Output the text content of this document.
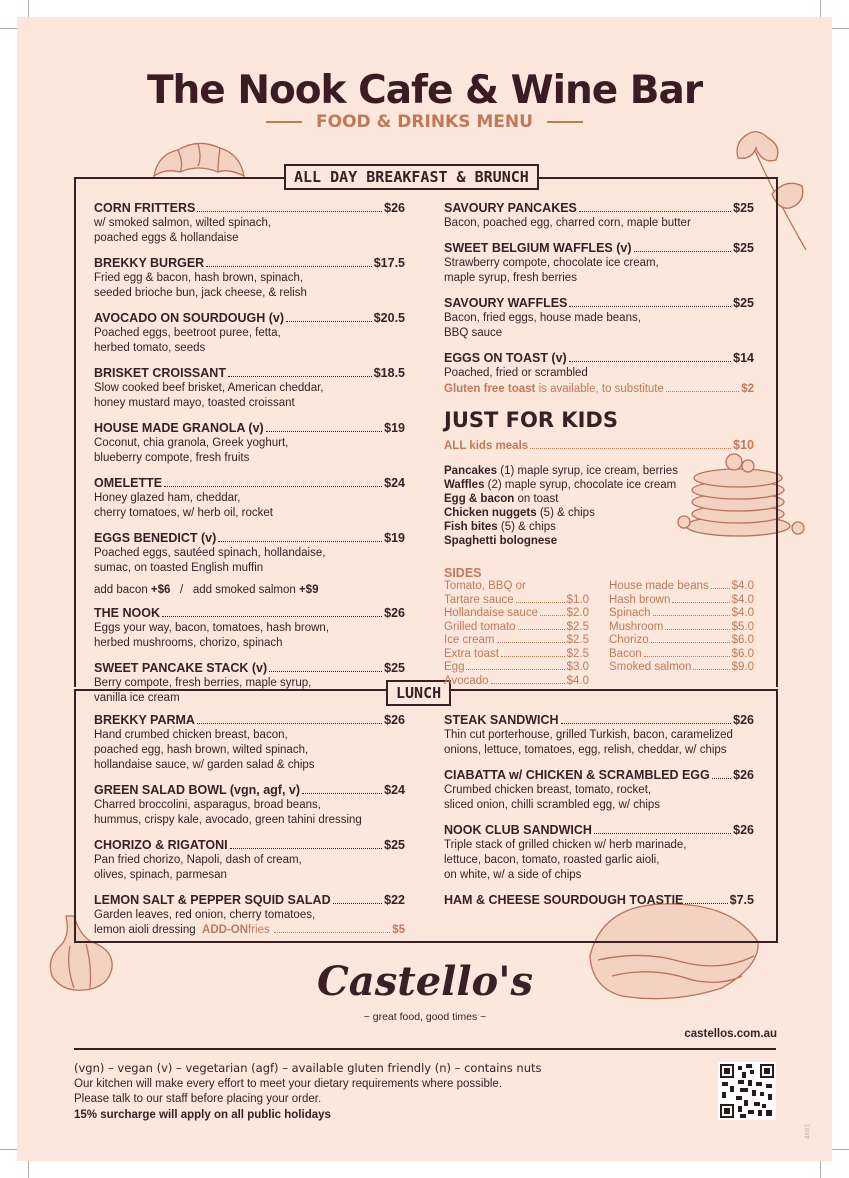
The Nook Cafe & Wine Bar
FOOD & DRINKS MENU
ALL DAY BREAKFAST & BRUNCH
LUNCH
CORN FRITTERS	$26
w/ smoked salmon, wilted spinach,
poached eggs & hollandaise
BREKKY BURGER	$17.5
Fried egg & bacon, hash brown, spinach,
seeded brioche bun, jack cheese, & relish
AVOCADO ON SOURDOUGH (v)	$20.5
Poached eggs, beetroot puree, fetta,
herbed tomato, seeds
BRISKET CROISSANT	$18.5
Slow cooked beef brisket, American cheddar,
honey mustard mayo, toasted croissant
HOUSE MADE GRANOLA (v)	$19
Coconut, chia granola, Greek yoghurt,
blueberry compote, fresh fruits
OMELETTE	$24
Honey glazed ham, cheddar,
cherry tomatoes, w/ herb oil, rocket
EGGS BENEDICT (v)	$19
Poached eggs, sautéed spinach, hollandaise,
sumac, on toasted English muffin
add bacon +$6 / add smoked salmon +$9
THE NOOK	$26
Eggs your way, bacon, tomatoes, hash brown,
herbed mushrooms, chorizo, spinach
SWEET PANCAKE STACK (v)	$25
Berry compote, fresh berries, maple syrup,
vanilla ice cream
SAVOURY PANCAKES	$25
Bacon, poached egg, charred corn, maple butter
SWEET BELGIUM WAFFLES (v)	$25
Strawberry compote, chocolate ice cream,
maple syrup, fresh berries
SAVOURY WAFFLES	$25
Bacon, fried eggs, house made beans,
BBQ sauce
EGGS ON TOAST (v)	$14
Poached, fried or scrambled
Gluten free toast is available, to substitute	$2
JUST FOR KIDS
ALL kids meals	$10
Pancakes (1) maple syrup, ice cream, berries
Waffles (2) maple syrup, chocolate ice cream
Egg & bacon on toast
Chicken nuggets (5) & chips
Fish bites (5) & chips
Spaghetti bolognese
SIDES
Tomato, BBQ or
Tartare sauce	$1.0
Hollandaise sauce $2.0
Grilled tomato	$2.5
Ice cream	$2.5
Extra toast	$2.5
Egg	$3.0
Avocado	$4.0
House made beans $4.0
Hash brown	$4.0
Spinach	$4.0
Mushroom	$5.0
Chorizo	$6.0
Bacon	$6.0
Smoked salmon	$9.0
BREKKY PARMA	$26
Hand crumbed chicken breast, bacon,
poached egg, hash brown, wilted spinach,
hollandaise sauce, w/ garden salad & chips
GREEN SALAD BOWL (vgn, agf, v)	$24
Charred broccolini, asparagus, broad beans,
hummus, crispy kale, avocado, green tahini dressing
CHORIZO & RIGATONI	$25
Pan fried chorizo, Napoli, dash of cream,
olives, spinach, parmesan
LEMON SALT & PEPPER SQUID SALAD	$22
Garden leaves, red onion, cherry tomatoes,
lemon aioli dressing
ADD-ON fries	$5
STEAK SANDWICH	$26
Thin cut porterhouse, grilled Turkish, bacon, caramelized
onions, lettuce, tomatoes, egg, relish, cheddar, w/ chips
CIABATTA w/ CHICKEN & SCRAMBLED EGG $26
Crumbed chicken breast, tomato, rocket,
sliced onion, chilli scrambled egg, w/ chips
NOOK CLUB SANDWICH	$26
Triple stack of grilled chicken w/ herb marinade,
lettuce, bacon, tomato, roasted garlic aioli,
on white, w/ a side of chips
HAM & CHEESE SOURDOUGH TOASTIE	$7.5
Castello's
~ great food, good times ~
castellos.com.au
(vgn) – vegan (v) – vegetarian (agf) – available gluten friendly (n) – contains nuts
Our kitchen will make every effort to meet your dietary requirements where possible.
Please talk to our staff before placing your order.
15% surcharge will apply on all public holidays
4681
